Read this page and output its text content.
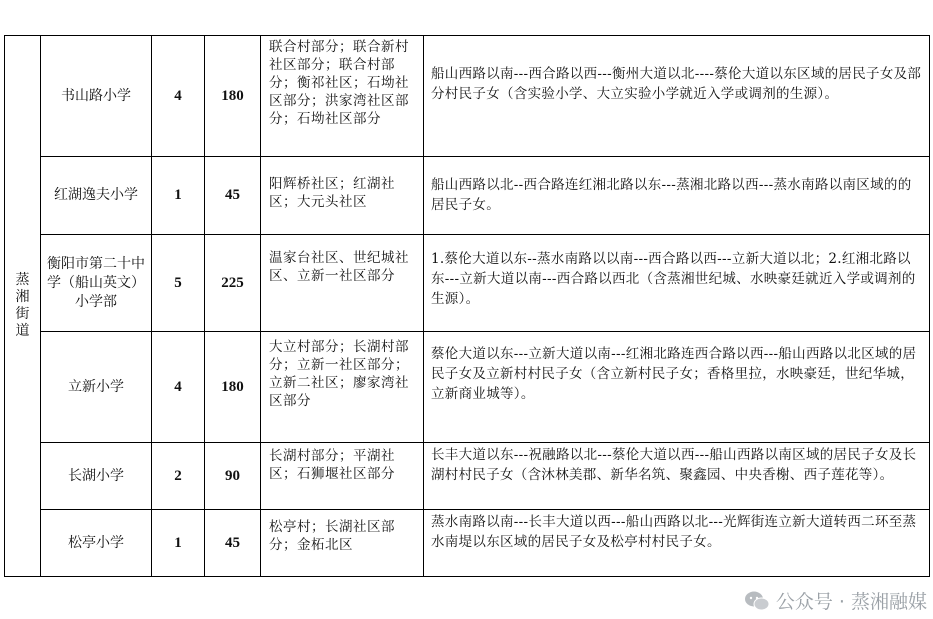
蒸湘街道	书山路小学	4	180	联合村部分；联合新村社区部分；联合村部分；衡祁社区；石坳社区部分；洪家湾社区部分；石坳社区部分	船山西路以南---西合路以西---衡州大道以北----蔡伦大道以东区域的居民子女及部分村民子女（含实验小学、大立实验小学就近入学或调剂的生源）。

	红湖逸夫小学	1	45	阳辉桥社区；红湖社区；大元头社区	船山西路以北--西合路连红湘北路以东---蒸湘北路以西---蒸水南路以南区域的的居民子女。

	衡阳市第二十中学（船山英文）小学部	5	225	温家台社区、世纪城社区、立新一社区部分	1.蔡伦大道以东--蒸水南路以以南---西合路以西---立新大道以北；2.红湘北路以东---立新大道以南---西合路以西北（含蒸湘世纪城、水映豪廷就近入学或调剂的生源）。

	立新小学	4	180	大立村部分；长湖村部分；立新一社区部分；立新二社区；廖家湾社区部分	蔡伦大道以东---立新大道以南---红湘北路连西合路以西---船山西路以北区域的居民子女及立新村村民子女（含立新村民子女；香格里拉，水映豪廷，世纪华城，立新商业城等）。

	长湖小学	2	90	长湖村部分；平湖社区；石狮堰社区部分	长丰大道以东---祝融路以北---蔡伦大道以西---船山西路以南区域的居民子女及长湖村村民子女（含沐林美郡、新华名筑、聚鑫园、中央香榭、西子莲花等）。

	松亭小学	1	45	松亭村；长湖社区部分；金柘北区	蒸水南路以南---长丰大道以西---船山西路以北---光辉街连立新大道转西二环至蒸水南堤以东区域的居民子女及松亭村村民子女。
公众号 · 蒸湘融媒
